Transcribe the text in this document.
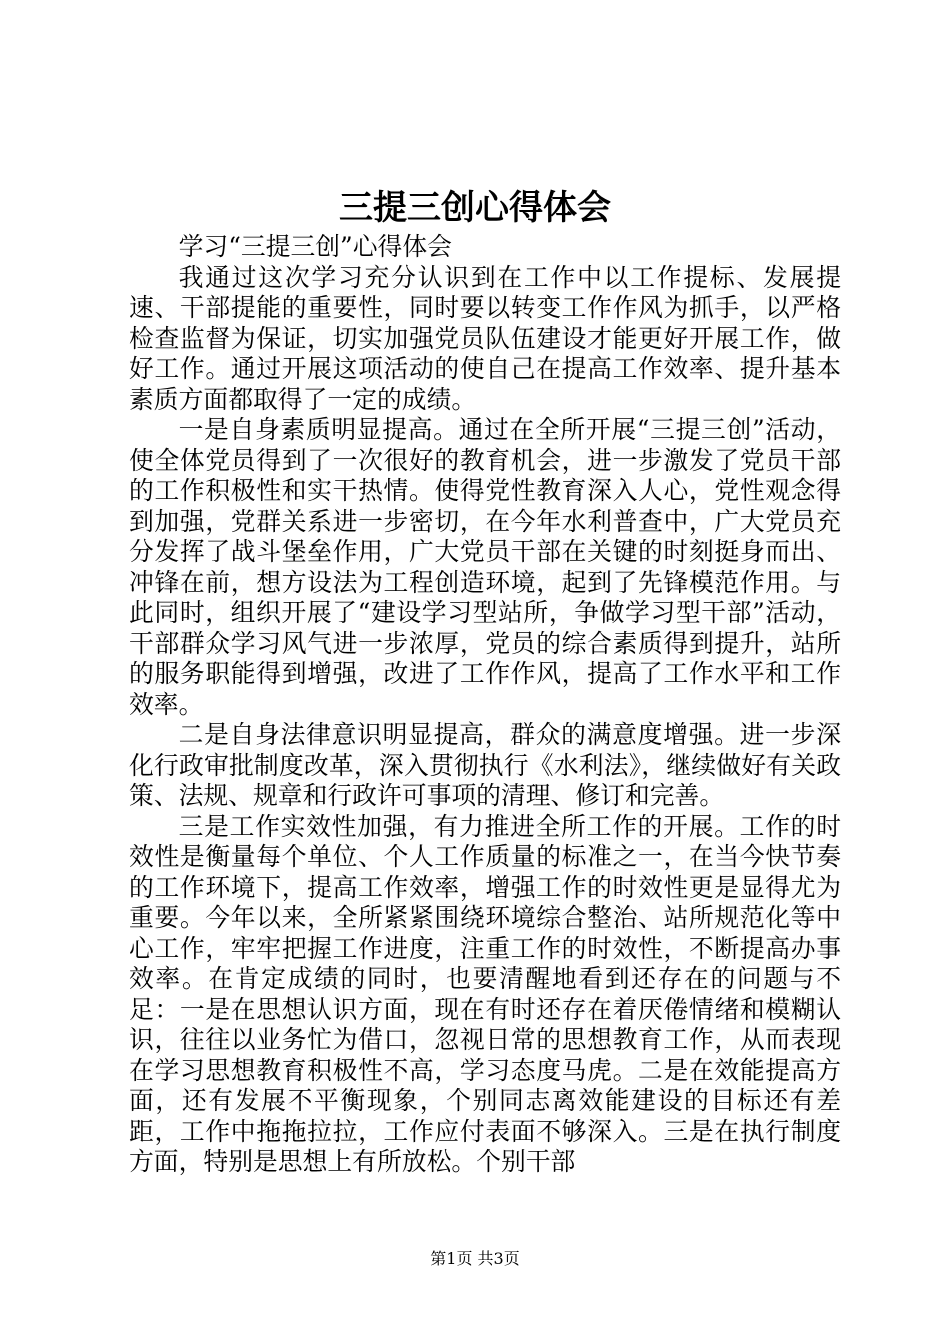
三提三创心得体会

学习“三提三创”心得体会

我通过这次学习充分认识到在工作中以工作提标、发展提速、干部提能的重要性，同时要以转变工作作风为抓手，以严格检查监督为保证，切实加强党员队伍建设才能更好开展工作，做好工作。通过开展这项活动的使自己在提高工作效率、提升基本素质方面都取得了一定的成绩。

一是自身素质明显提高。通过在全所开展“三提三创”活动，使全体党员得到了一次很好的教育机会，进一步激发了党员干部的工作积极性和实干热情。使得党性教育深入人心，党性观念得到加强，党群关系进一步密切，在今年水利普查中，广大党员充分发挥了战斗堡垒作用，广大党员干部在关键的时刻挺身而出、冲锋在前，想方设法为工程创造环境，起到了先锋模范作用。与此同时，组织开展了“建设学习型站所，争做学习型干部”活动，干部群众学习风气进一步浓厚，党员的综合素质得到提升，站所的服务职能得到增强，改进了工作作风，提高了工作水平和工作效率。

二是自身法律意识明显提高，群众的满意度增强。进一步深化行政审批制度改革，深入贯彻执行《水利法》，继续做好有关政策、法规、规章和行政许可事项的清理、修订和完善。

三是工作实效性加强，有力推进全所工作的开展。工作的时效性是衡量每个单位、个人工作质量的标准之一，在当今快节奏的工作环境下，提高工作效率，增强工作的时效性更是显得尤为重要。今年以来，全所紧紧围绕环境综合整治、站所规范化等中心工作，牢牢把握工作进度，注重工作的时效性，不断提高办事效率。在肯定成绩的同时，也要清醒地看到还存在的问题与不足：一是在思想认识方面，现在有时还存在着厌倦情绪和模糊认识，往往以业务忙为借口，忽视日常的思想教育工作，从而表现在学习思想教育积极性不高，学习态度马虎。二是在效能提高方面，还有发展不平衡现象，个别同志离效能建设的目标还有差距，工作中拖拖拉拉，工作应付表面不够深入。三是在执行制度方面，特别是思想上有所放松。个别干部

第1页 共3页
